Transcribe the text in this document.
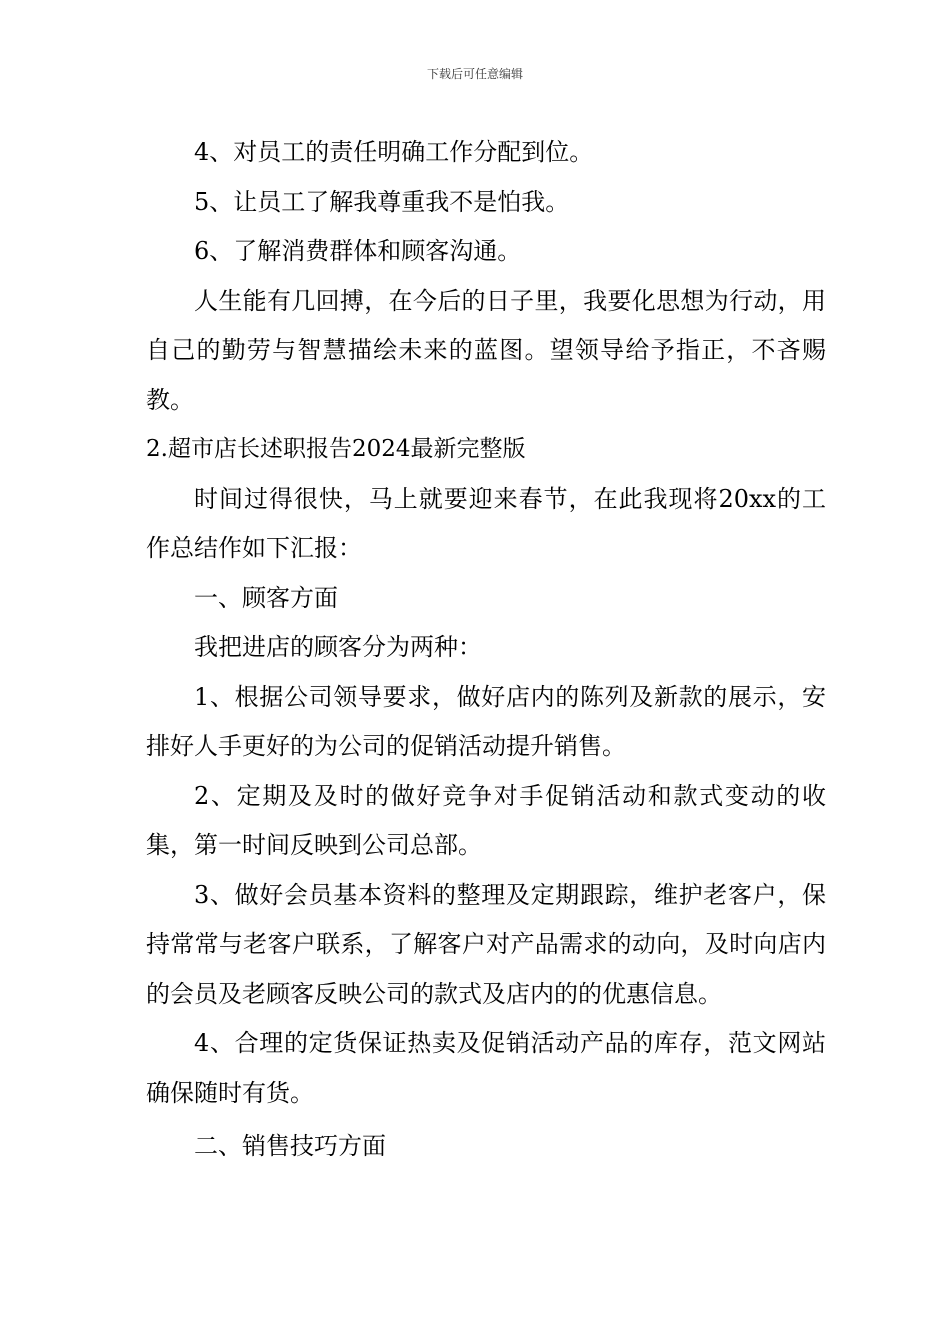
下载后可任意编辑

4、对员工的责任明确工作分配到位。

5、让员工了解我尊重我不是怕我。

6、了解消费群体和顾客沟通。

人生能有几回搏，在今后的日子里，我要化思想为行动，用自己的勤劳与智慧描绘未来的蓝图。望领导给予指正，不吝赐教。

2.超市店长述职报告2024最新完整版

时间过得很快，马上就要迎来春节，在此我现将20xx的工作总结作如下汇报：

一、顾客方面

我把进店的顾客分为两种：

1、根据公司领导要求，做好店内的陈列及新款的展示，安排好人手更好的为公司的促销活动提升销售。

2、定期及及时的做好竞争对手促销活动和款式变动的收集，第一时间反映到公司总部。

3、做好会员基本资料的整理及定期跟踪，维护老客户，保持常常与老客户联系，了解客户对产品需求的动向，及时向店内的会员及老顾客反映公司的款式及店内的的优惠信息。

4、合理的定货保证热卖及促销活动产品的库存，范文网站确保随时有货。

二、销售技巧方面
